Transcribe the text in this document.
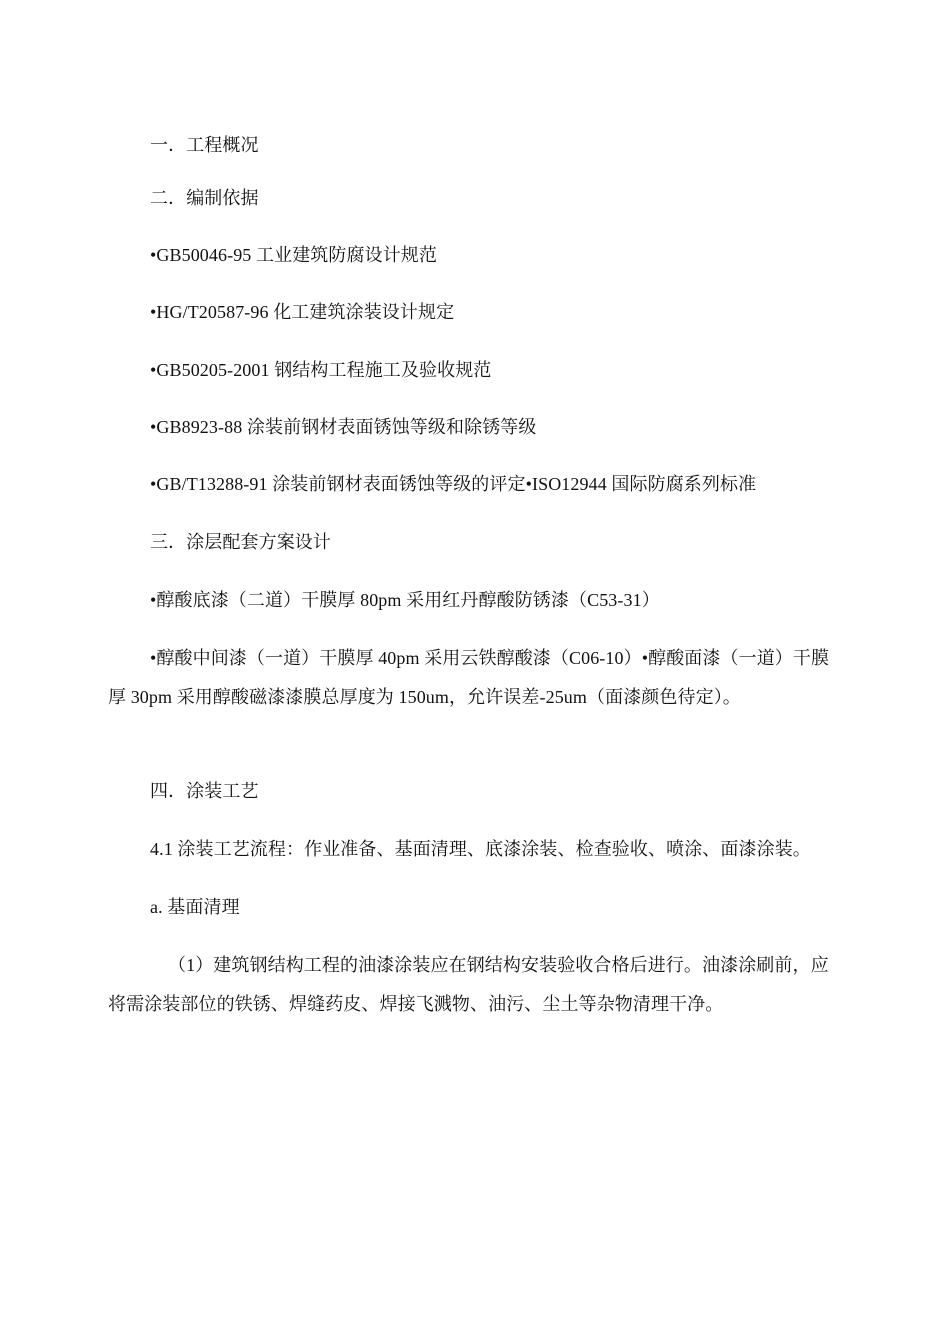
一．工程概况
二．编制依据
•GB50046-95 工业建筑防腐设计规范
•HG/T20587-96 化工建筑涂装设计规定
•GB50205-2001 钢结构工程施工及验收规范
•GB8923-88 涂装前钢材表面锈蚀等级和除锈等级
•GB/T13288-91 涂装前钢材表面锈蚀等级的评定•ISO12944 国际防腐系列标准
三．涂层配套方案设计
•醇酸底漆（二道）干膜厚 80pm 采用红丹醇酸防锈漆（C53-31）
•醇酸中间漆（一道）干膜厚 40pm 采用云铁醇酸漆（C06-10）•醇酸面漆（一道）干膜厚 30pm 采用醇酸磁漆漆膜总厚度为 150um，允许误差-25um（面漆颜色待定）。
四．涂装工艺
4.1 涂装工艺流程：作业准备、基面清理、底漆涂装、检查验收、喷涂、面漆涂装。
a. 基面清理
（1）建筑钢结构工程的油漆涂装应在钢结构安装验收合格后进行。油漆涂刷前，应将需涂装部位的铁锈、焊缝药皮、焊接飞溅物、油污、尘土等杂物清理干净。
